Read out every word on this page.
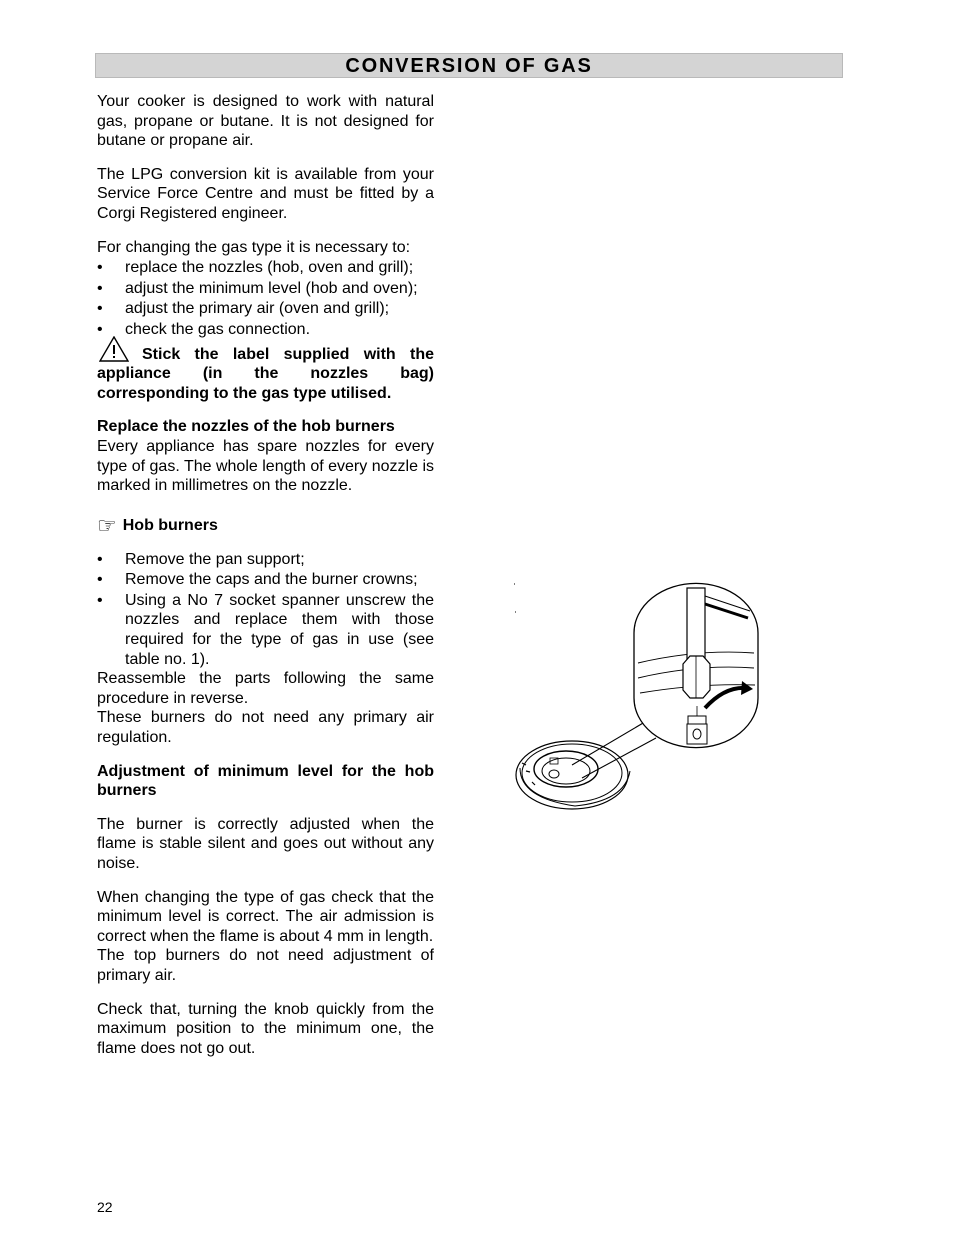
CONVERSION OF GAS

Your cooker is designed to work with natural gas, propane or butane. It is not designed for butane or propane air.

The LPG conversion kit is available from your Service Force Centre and must be fitted by a Corgi Registered engineer.

For changing the gas type it is necessary to:

• replace the nozzles (hob, oven and grill);
• adjust the minimum level (hob and oven);
• adjust the primary air (oven and grill);
• check the gas connection.

Stick the label supplied with the appliance (in the nozzles bag) corresponding to the gas type utilised.

Replace the nozzles of the hob burners

Every appliance has spare nozzles for every type of gas. The whole length of every nozzle is marked in millimetres on the nozzle.

☞ Hob burners
• Remove the pan support;
• Remove the caps and the burner crowns;
• Using a No 7 socket spanner unscrew the nozzles and replace them with those required for the type of gas in use (see table no. 1).

Reassemble the parts following the same procedure in reverse.

These burners do not need any primary air regulation.

Adjustment of minimum level for the hob burners

The burner is correctly adjusted when the flame is stable silent and goes out without any noise.

When changing the type of gas check that the minimum level is correct. The air admission is correct when the flame is about 4 mm in length.

The top burners do not need adjustment of primary air.

Check that, turning the knob quickly from the maximum position to the minimum one, the flame does not go out.

22
